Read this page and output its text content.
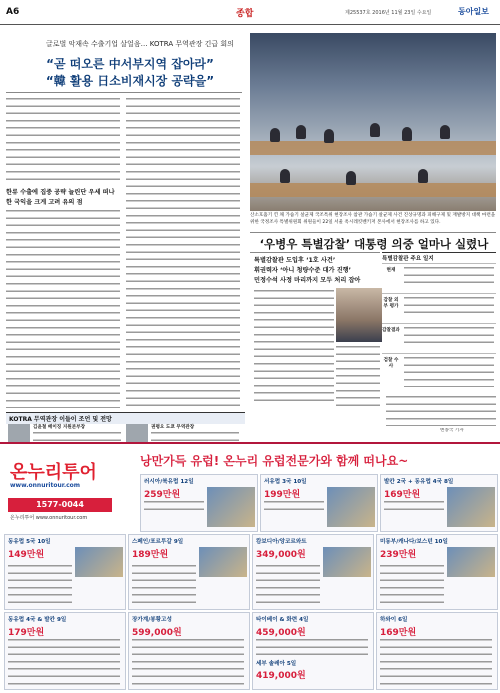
A6	종합	제25537호 2016년 11월 23일 수요일	동아일보
글로벌 악재속 수출기업 살얼음… KOTRA 무역관장 긴급 회의
“곧 떠오른 中서부지역 잡아라”
“韓 활용 日소비재시장 공략을”
한류 수출에 집중 공략 늘린단 우세 떠나 한 국익을 크게 고려 유의 점
KOTRA 무역관장 이들이 조언 및 전망
김윤철 베이징 지원본부장	권평오 도쿄 무역관장
산소호흡기 낀 채 가습기 살균제 국조특위 현장조사 참관 가습기 살균제 사건 진상규명과 피해구제 및 재발방지 대책 마련을 위한 국정조사 특별위원회 위원들이 22일 서울 옥시레킷벤키저 본사에서 현장조사를 하고 있다.
‘우병우 특별감찰’ 대통령 의중 얼마나 실렸나
특별감찰관 도입후 ‘1호 사건’
휘권력자 ‘아니 청량수준 대가 진행’
민정수석 사정 마리까지 모두 처리 잡아
변종국 기자
특별감찰관 주요 일지
현재
감찰 외부 평가
감찰결과
검찰 수사
온누리투어
www.onnuritour.com
1577-0044
온누리투어 www.onnuritour.com
낭만가득 유럽! 온누리 유럽전문가와 함께 떠나요~
러시아/북유럽 12일
259만원
서유럽 3국 10일
199만원
발칸 2국 + 동유럽 4국 8일
169만원
동유럽 5국 10일
149만원
스페인/포르투갈 9일
189만원
캄보디아/앙코르와트
349,000원
미동부/캐나다/보스턴 10일
239만원
동유럽 4국 & 발칸 9일
179만원
장가계/봉황고성
599,000원
타이베이 & 화련 4일
459,000원
세부 솔레아 5일
419,000원
하와이 6일
169만원
